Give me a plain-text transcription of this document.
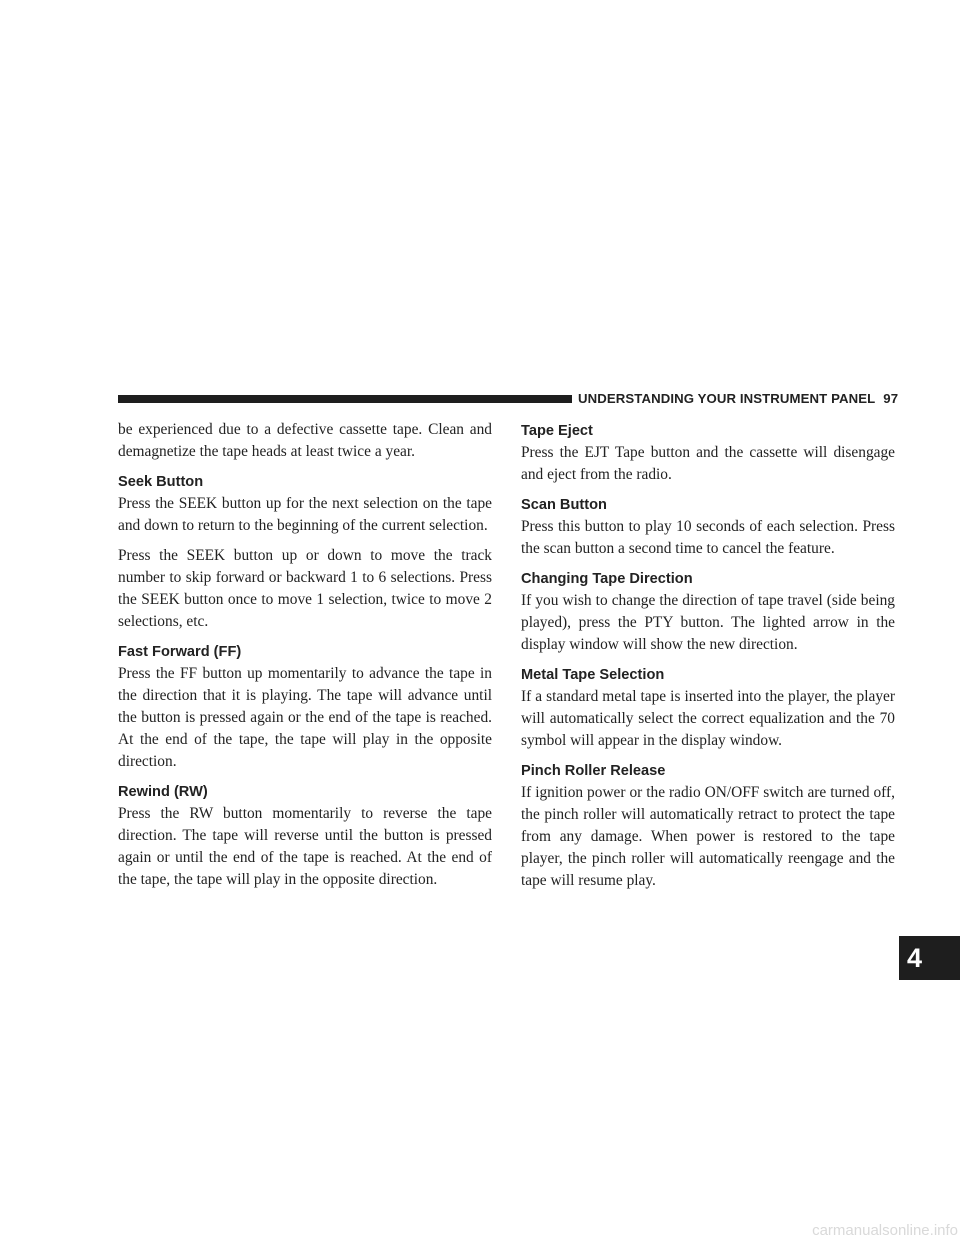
UNDERSTANDING YOUR INSTRUMENT PANEL 97

be experienced due to a defective cassette tape. Clean and demagnetize the tape heads at least twice a year.

Seek Button

Press the SEEK button up for the next selection on the tape and down to return to the beginning of the current selection.

Press the SEEK button up or down to move the track number to skip forward or backward 1 to 6 selections. Press the SEEK button once to move 1 selection, twice to move 2 selections, etc.

Fast Forward (FF)

Press the FF button up momentarily to advance the tape in the direction that it is playing. The tape will advance until the button is pressed again or the end of the tape is reached. At the end of the tape, the tape will play in the opposite direction.

Rewind (RW)

Press the RW button momentarily to reverse the tape direction. The tape will reverse until the button is pressed again or until the end of the tape is reached. At the end of the tape, the tape will play in the opposite direction.

Tape Eject

Press the EJT Tape button and the cassette will disengage and eject from the radio.

Scan Button

Press this button to play 10 seconds of each selection. Press the scan button a second time to cancel the feature.

Changing Tape Direction

If you wish to change the direction of tape travel (side being played), press the PTY button. The lighted arrow in the display window will show the new direction.

Metal Tape Selection

If a standard metal tape is inserted into the player, the player will automatically select the correct equalization and the 70 symbol will appear in the display window.

Pinch Roller Release

If ignition power or the radio ON/OFF switch are turned off, the pinch roller will automatically retract to protect the tape from any damage. When power is restored to the tape player, the pinch roller will automatically reengage and the tape will resume play.

4
carmanualsonline.info
